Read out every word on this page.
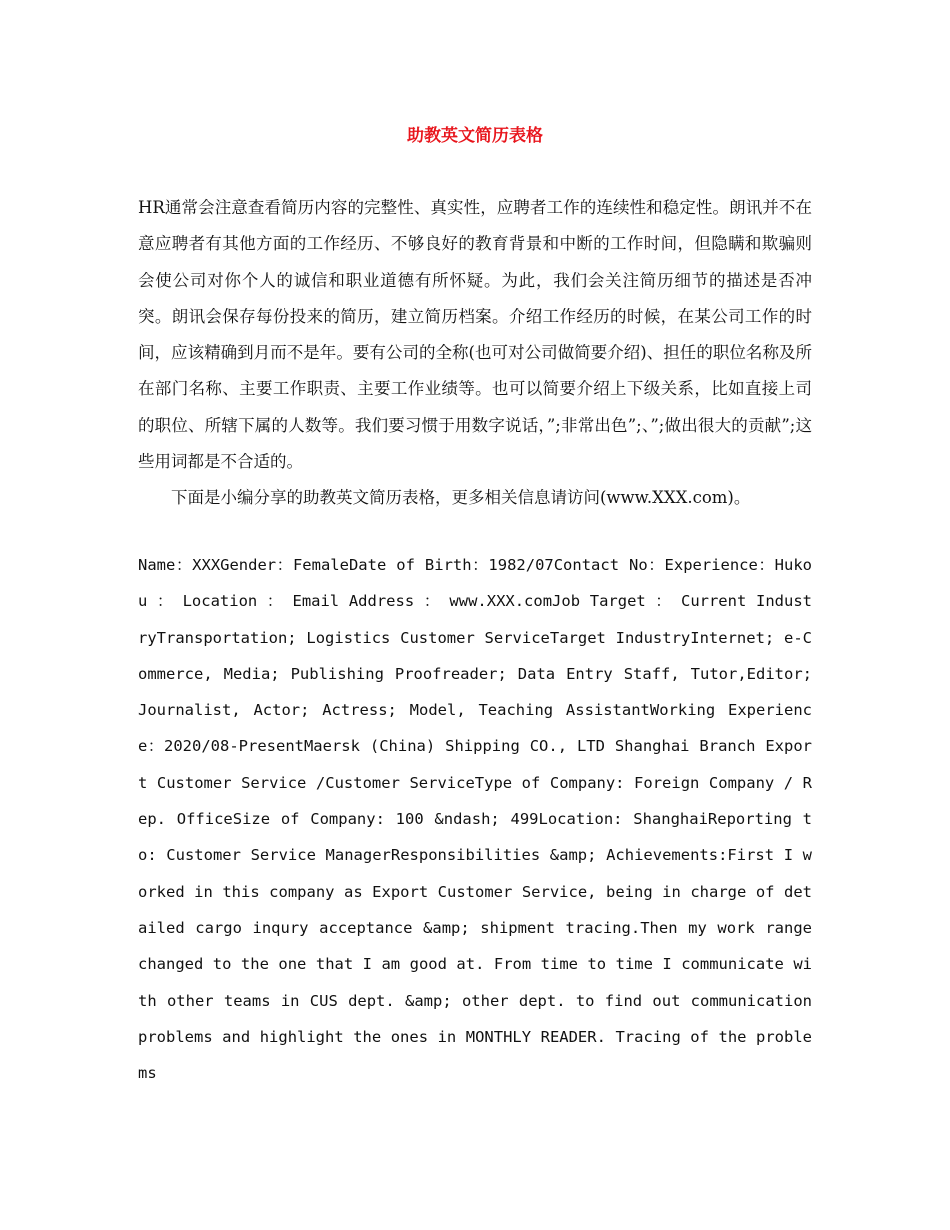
助教英文简历表格
HR通常会注意查看简历内容的完整性、真实性，应聘者工作的连续性和稳定性。朗讯并不在意应聘者有其他方面的工作经历、不够良好的教育背景和中断的工作时间，但隐瞒和欺骗则会使公司对你个人的诚信和职业道德有所怀疑。为此，我们会关注简历细节的描述是否冲突。朗讯会保存每份投来的简历，建立简历档案。介绍工作经历的时候，在某公司工作的时间，应该精确到月而不是年。要有公司的全称(也可对公司做简要介绍)、担任的职位名称及所在部门名称、主要工作职责、主要工作业绩等。也可以简要介绍上下级关系，比如直接上司的职位、所辖下属的人数等。我们要习惯于用数字说话，”;非常出色”;、”;做出很大的贡献”;这些用词都是不合适的。
下面是小编分享的助教英文简历表格，更多相关信息请访问(www.XXX.com)。
Name：XXXGender：FemaleDate of Birth：1982/07Contact No：Experience：Hukou ： Location ： Email Address ： www.XXX.comJob Target ： Current IndustryTransportation; Logistics Customer ServiceTarget IndustryInternet; e-Commerce, Media; Publishing Proofreader; Data Entry Staff, Tutor,Editor; Journalist, Actor; Actress; Model, Teaching AssistantWorking Experience：2020/08-PresentMaersk (China) Shipping CO., LTD Shanghai Branch Export Customer Service /Customer ServiceType of Company: Foreign Company / Rep. OfficeSize of Company: 100 &ndash; 499Location: ShanghaiReporting to: Customer Service ManagerResponsibilities &amp; Achievements:First I worked in this company as Export Customer Service, being in charge of detailed cargo inqury acceptance &amp; shipment tracing.Then my work range changed to the one that I am good at. From time to time I communicate with other teams in CUS dept. &amp; other dept. to find out communication problems and highlight the ones in MONTHLY READER. Tracing of the problems
